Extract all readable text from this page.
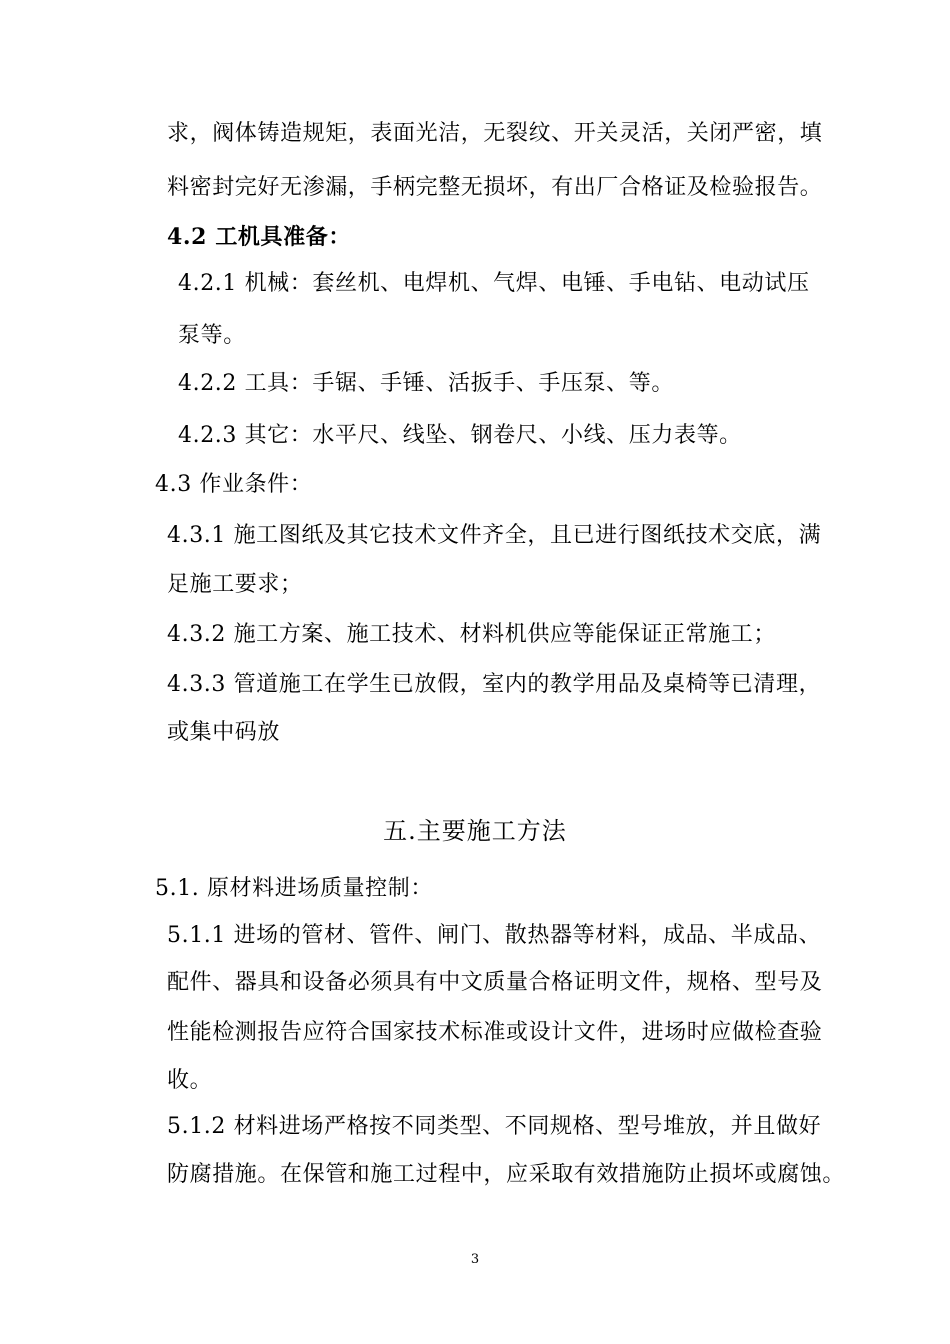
求，阀体铸造规矩，表面光洁，无裂纹、开关灵活，关闭严密，填
料密封完好无渗漏，手柄完整无损坏，有出厂合格证及检验报告。
4.2 工机具准备：
4.2.1 机械：套丝机、电焊机、气焊、电锤、手电钻、电动试压
泵等。
4.2.2 工具：手锯、手锤、活扳手、手压泵、等。
4.2.3 其它：水平尺、线坠、钢卷尺、小线、压力表等。
4.3 作业条件：
4.3.1 施工图纸及其它技术文件齐全，且已进行图纸技术交底，满
足施工要求；
4.3.2 施工方案、施工技术、材料机供应等能保证正常施工；
4.3.3 管道施工在学生已放假，室内的教学用品及桌椅等已清理，
或集中码放
五.主要施工方法
5.1. 原材料进场质量控制：
5.1.1 进场的管材、管件、闸门、散热器等材料，成品、半成品、
配件、器具和设备必须具有中文质量合格证明文件，规格、型号及
性能检测报告应符合国家技术标准或设计文件，进场时应做检查验
收。
5.1.2 材料进场严格按不同类型、不同规格、型号堆放，并且做好
防腐措施。在保管和施工过程中，应采取有效措施防止损坏或腐蚀。
3
